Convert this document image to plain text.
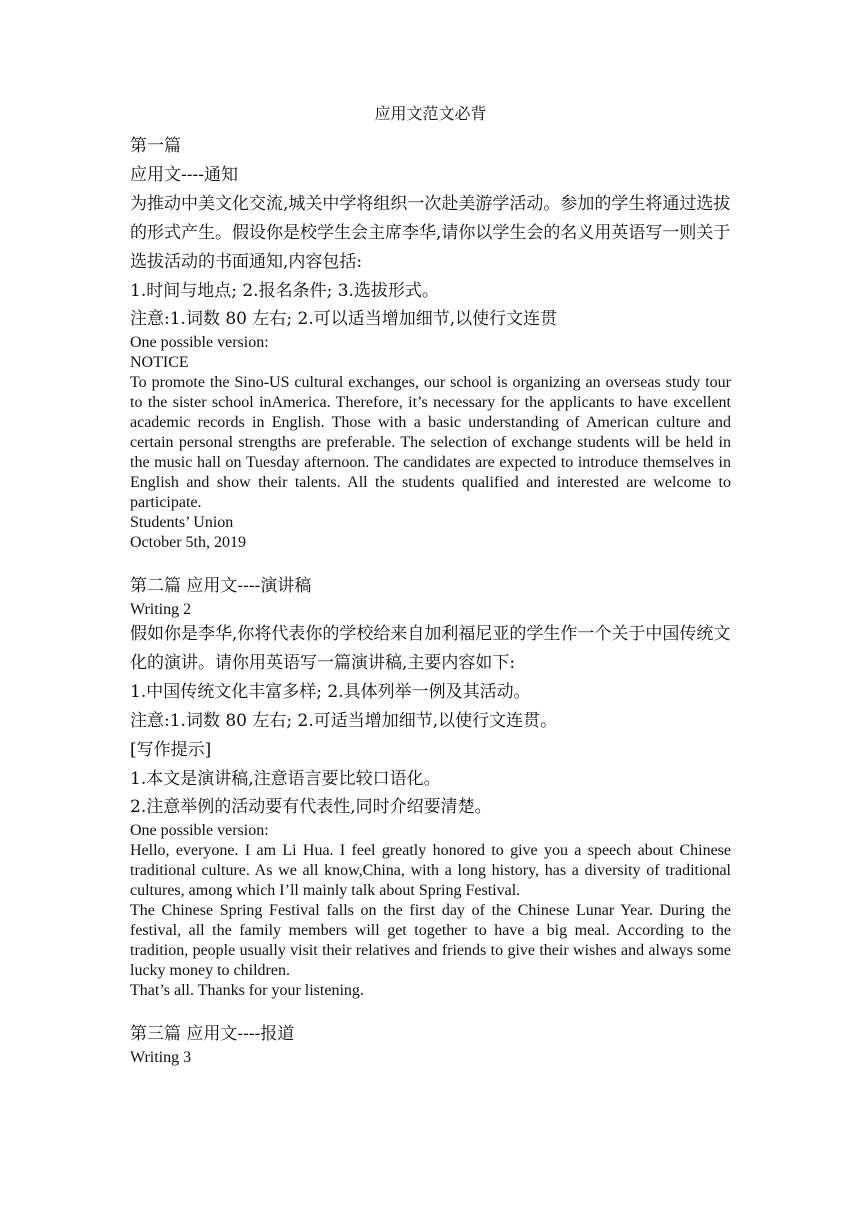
应用文范文必背

第一篇

应用文----通知

为推动中美文化交流,城关中学将组织一次赴美游学活动。参加的学生将通过选拔的形式产生。假设你是校学生会主席李华,请你以学生会的名义用英语写一则关于选拔活动的书面通知,内容包括:

1.时间与地点; 2.报名条件; 3.选拔形式。

注意:1.词数 80 左右; 2.可以适当增加细节,以使行文连贯

One possible version:

NOTICE

To promote the Sino-US cultural exchanges, our school is organizing an overseas study tour to the sister school inAmerica. Therefore, it’s necessary for the applicants to have excellent academic records in English. Those with a basic understanding of American culture and certain personal strengths are preferable. The selection of exchange students will be held in the music hall on Tuesday afternoon. The candidates are expected to introduce themselves in English and show their talents. All the students qualified and interested are welcome to participate.

Students’ Union

October 5th, 2019

第二篇 应用文----演讲稿

Writing 2

假如你是李华,你将代表你的学校给来自加利福尼亚的学生作一个关于中国传统文化的演讲。请你用英语写一篇演讲稿,主要内容如下:

1.中国传统文化丰富多样; 2.具体列举一例及其活动。

注意:1.词数 80 左右; 2.可适当增加细节,以使行文连贯。

[写作提示]

1.本文是演讲稿,注意语言要比较口语化。

2.注意举例的活动要有代表性,同时介绍要清楚。

One possible version:

Hello, everyone. I am Li Hua. I feel greatly honored to give you a speech about Chinese traditional culture. As we all know,China, with a long history, has a diversity of traditional cultures, among which I’ll mainly talk about Spring Festival.

The Chinese Spring Festival falls on the first day of the Chinese Lunar Year. During the festival, all the family members will get together to have a big meal. According to the tradition, people usually visit their relatives and friends to give their wishes and always some lucky money to children.

That’s all. Thanks for your listening.

第三篇 应用文----报道

Writing 3
